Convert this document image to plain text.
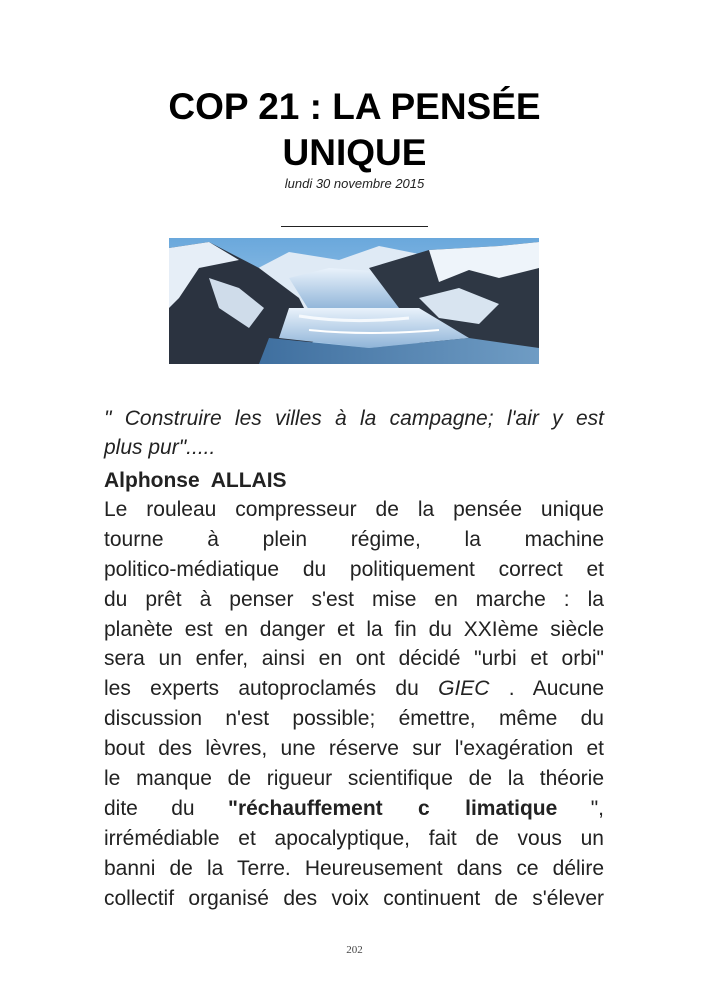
COP 21 : LA PENSÉE
UNIQUE
lundi 30 novembre 2015
" Construire les villes à la campagne; l'air y est
plus pur".....
Alphonse ALLAIS
Le rouleau compresseur de la pensée unique
tourne à plein régime, la machine
politico-médiatique du politiquement correct et
du prêt à penser s'est mise en marche : la
planète est en danger et la fin du XXIème siècle
sera un enfer, ainsi en ont décidé "urbi et orbi"
les experts autoproclamés du GIEC . Aucune
discussion n'est possible; émettre, même du
bout des lèvres, une réserve sur l'exagération et
le manque de rigueur scientifique de la théorie
dite du "réchauffement c limatique ",
irrémédiable et apocalyptique, fait de vous un
banni de la Terre. Heureusement dans ce délire
collectif organisé des voix continuent de s'élever
202
